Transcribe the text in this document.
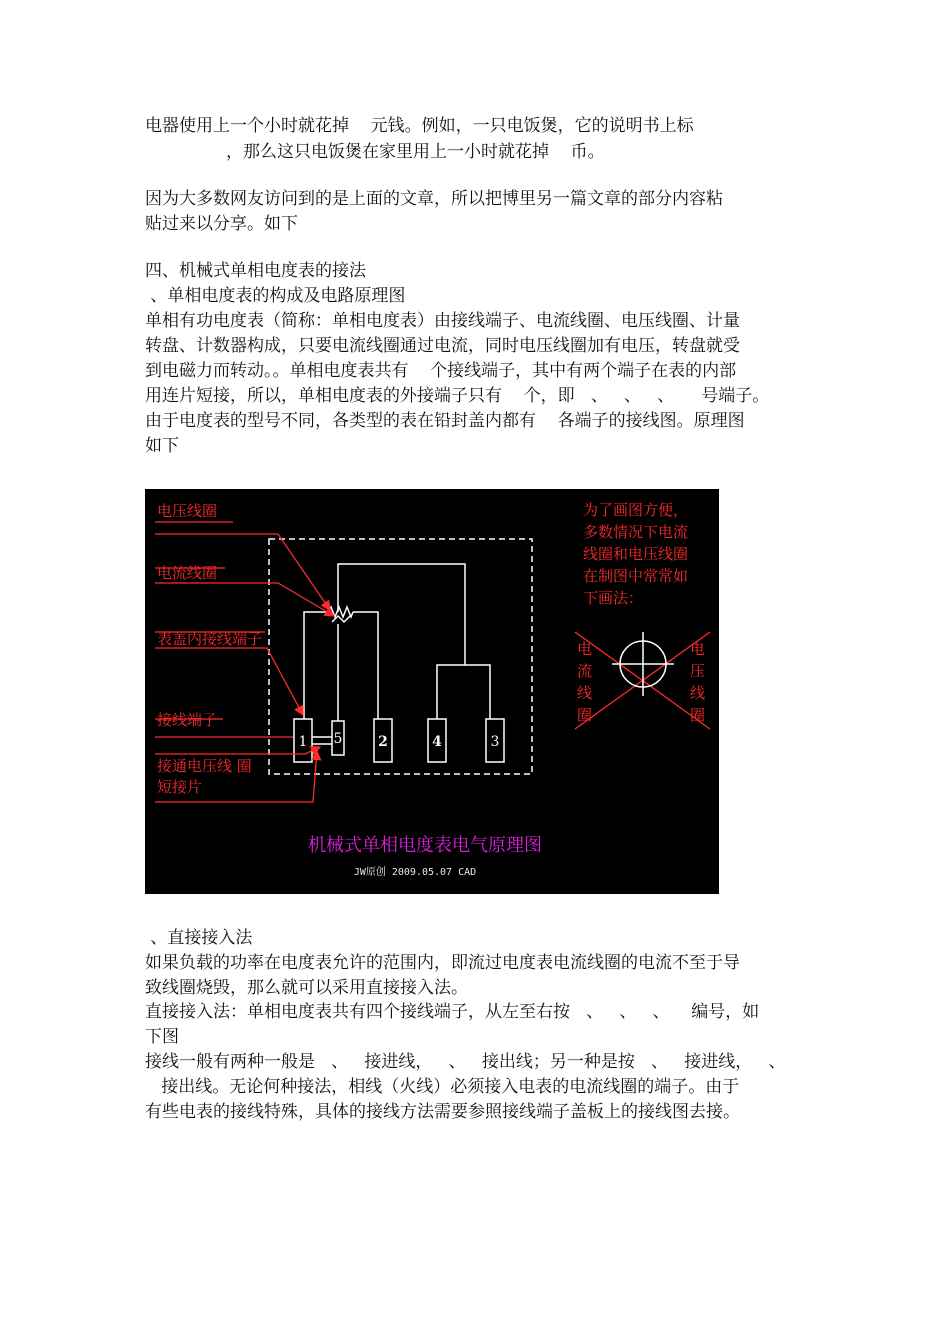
电器使用上一个小时就花掉    元钱。例如，一只电饭煲，它的说明书上标
，那么这只电饭煲在家里用上一小时就花掉    币。
因为大多数网友访问到的是上面的文章，所以把博里另一篇文章的部分内容粘
贴过来以分享。如下
四、机械式单相电度表的接法
、单相电度表的构成及电路原理图
单相有功电度表（简称：单相电度表）由接线端子、电流线圈、电压线圈、计量
转盘、计数器构成，只要电流线圈通过电流，同时电压线圈加有电压，转盘就受
到电磁力而转动。。单相电度表共有    个接线端子，其中有两个端子在表的内部
用连片短接，所以，单相电度表的外接端子只有    个，即   、   、   、     号端子。
由于电度表的型号不同，各类型的表在铅封盖内都有    各端子的接线图。原理图
如下
1 5	2	4	3
电压线圈
电流线圈
表盖内接线端子
接线端子
接通电压线 圈
短接片
为了画图方便，
多数情况下电流
线圈和电压线圈
在制图中常常如
下画法：
电
流
线
圈
电
压
线
圈
机械式单相电度表电气原理图
JW原创 2009.05.07 CAD
、直接接入法
如果负载的功率在电度表允许的范围内，即流过电度表电流线圈的电流不至于导
致线圈烧毁，那么就可以采用直接接入法。
直接接入法：单相电度表共有四个接线端子，从左至右按   、   、   、    编号，如
下图
接线一般有两种一般是   、   接进线，   、   接出线；另一种是按   、   接进线，   、
接出线。无论何种接法，相线（火线）必须接入电表的电流线圈的端子。由于
有些电表的接线特殊，具体的接线方法需要参照接线端子盖板上的接线图去接。
